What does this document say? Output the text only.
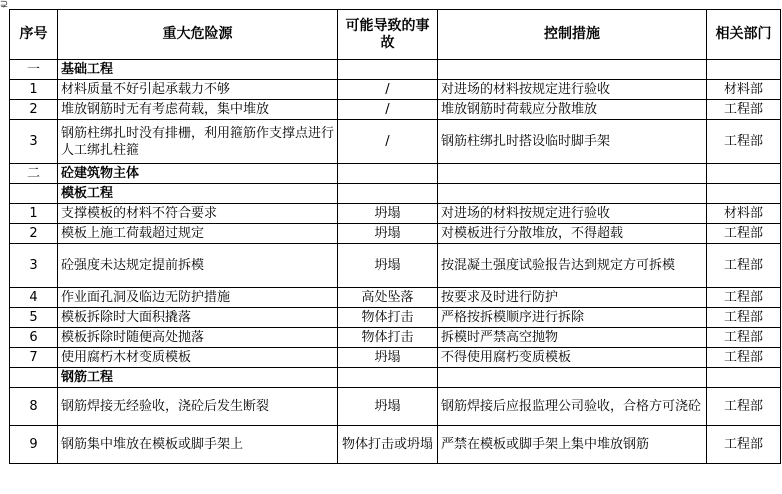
⊋
序号	重大危险源	可能导致的事故	控制措施	相关部门
一	基础工程			
1	材料质量不好引起承载力不够	/	对进场的材料按规定进行验收	材料部
2	堆放钢筋时无有考虑荷载，集中堆放	/	堆放钢筋时荷载应分散堆放	工程部
3	钢筋柱绑扎时没有排栅，利用箍筋作支撑点进行人工绑扎柱箍	/	钢筋柱绑扎时搭设临时脚手架	工程部
二	砼建筑物主体			
	模板工程			
1	支撑模板的材料不符合要求	坍塌	对进场的材料按规定进行验收	材料部
2	模板上施工荷载超过规定	坍塌	对模板进行分散堆放，不得超载	工程部
3	砼强度未达规定提前拆模	坍塌	按混凝土强度试验报告达到规定方可拆模	工程部
4	作业面孔洞及临边无防护措施	高处坠落	按要求及时进行防护	工程部
5	模板拆除时大面积撬落	物体打击	严格按拆模顺序进行拆除	工程部
6	模板拆除时随便高处抛落	物体打击	拆模时严禁高空抛物	工程部
7	使用腐朽木材变质模板	坍塌	不得使用腐朽变质模板	工程部
	钢筋工程			
8	钢筋焊接无经验收，浇砼后发生断裂	坍塌	钢筋焊接后应报监理公司验收，合格方可浇砼	工程部
9	钢筋集中堆放在模板或脚手架上	物体打击或坍塌	严禁在模板或脚手架上集中堆放钢筋	工程部
